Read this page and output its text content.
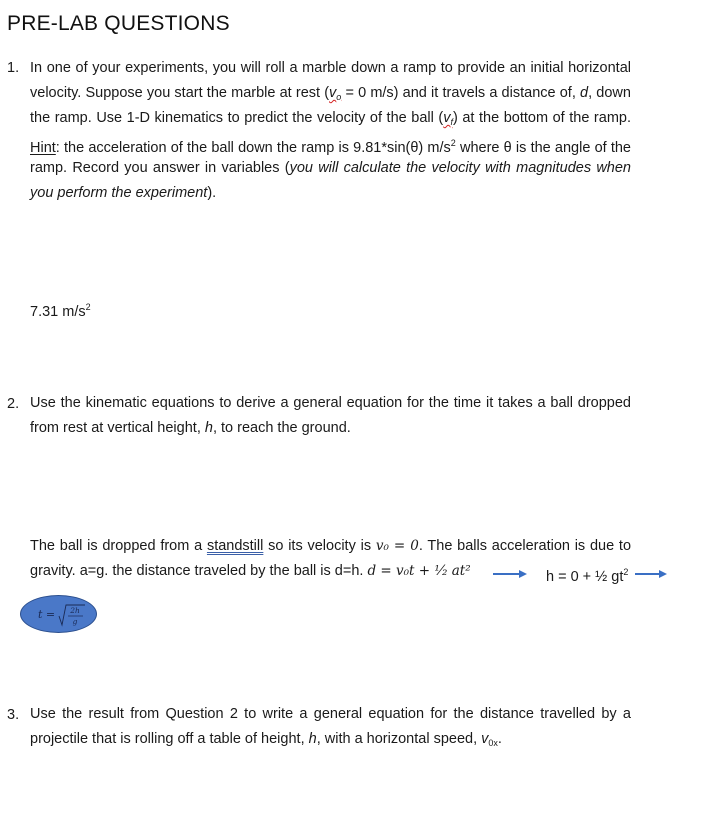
PRE-LAB QUESTIONS
1. In one of your experiments, you will roll a marble down a ramp to provide an initial horizontal
velocity. Suppose you start the marble at rest ($v_o = 0$ m/s) and it travels a distance of, d, down
the ramp. Use 1-D kinematics to predict the velocity of the ball $(v_f)$ at the bottom of the ramp.
Hint: the acceleration of the ball down the ramp is 9.81*sin(θ) $m/s^2$ where θ is the angle of the
ramp. Record you answer in variables (you will calculate the velocity with magnitudes when
you perform the experiment).
7.31 $m/s^2$
2. Use the kinematic equations to derive a general equation for the time it takes a ball dropped
from rest at vertical height, h, to reach the ground.
The ball is dropped from a standstill so its velocity is v₀ = 0. The balls acceleration is due to
gravity. a=g. the distance traveled by the ball is d=h. d = v₀t + ¹⁄₂ at²	h = 0 + ½ $gt^2$
t = 2h
g
3. Use the result from Question 2 to write a general equation for the distance travelled by a
projectile that is rolling off a table of height, h, with a horizontal speed, $v_{0x}$.
